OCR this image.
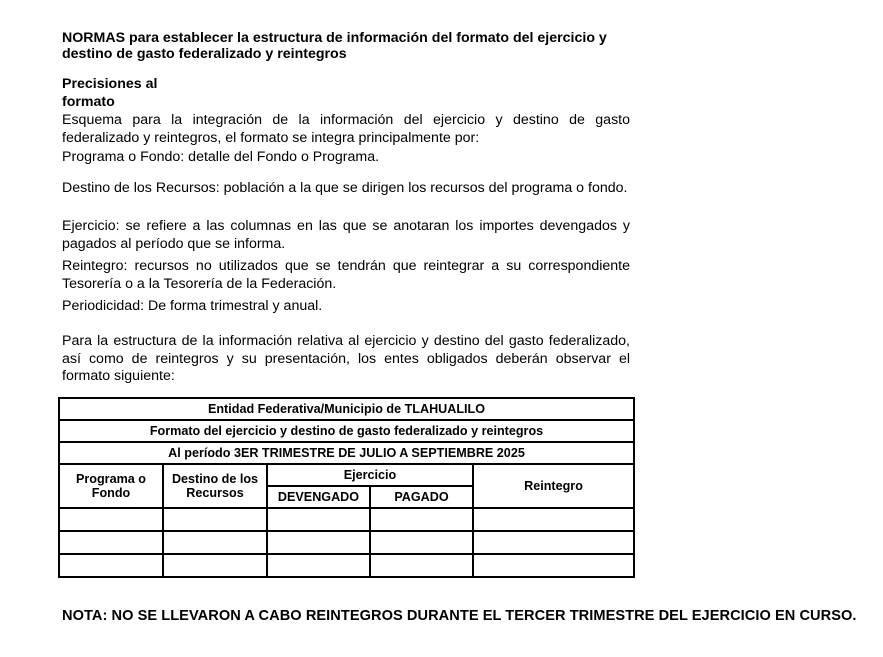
NORMAS para establecer la estructura de información del formato del ejercicio y destino de gasto federalizado y reintegros
Precisiones al
formato
Esquema para la integración de la información del ejercicio y destino de gasto federalizado y reintegros, el formato se integra principalmente por:
Programa o Fondo: detalle del Fondo o Programa.
Destino de los Recursos: población a la que se dirigen los recursos del programa o fondo.
Ejercicio: se refiere a las columnas en las que se anotaran los importes devengados y pagados al período que se informa.
Reintegro: recursos no utilizados que se tendrán que reintegrar a su correspondiente Tesorería o a la Tesorería de la Federación.
Periodicidad: De forma trimestral y anual.
Para la estructura de la información relativa al ejercicio y destino del gasto federalizado, así como de reintegros y su presentación, los entes obligados deberán observar el formato siguiente:
Entidad Federativa/Municipio de TLAHUALILO				
Formato del ejercicio y destino de gasto federalizado y reintegros				
Al período 3ER TRIMESTRE DE JULIO A SEPTIEMBRE 2025				
Programa o Fondo	Destino de los Recursos	Ejercicio		Reintegro
		DEVENGADO	PAGADO	

NOTA: NO SE LLEVARON A CABO REINTEGROS DURANTE EL TERCER TRIMESTRE DEL EJERCICIO EN CURSO.
